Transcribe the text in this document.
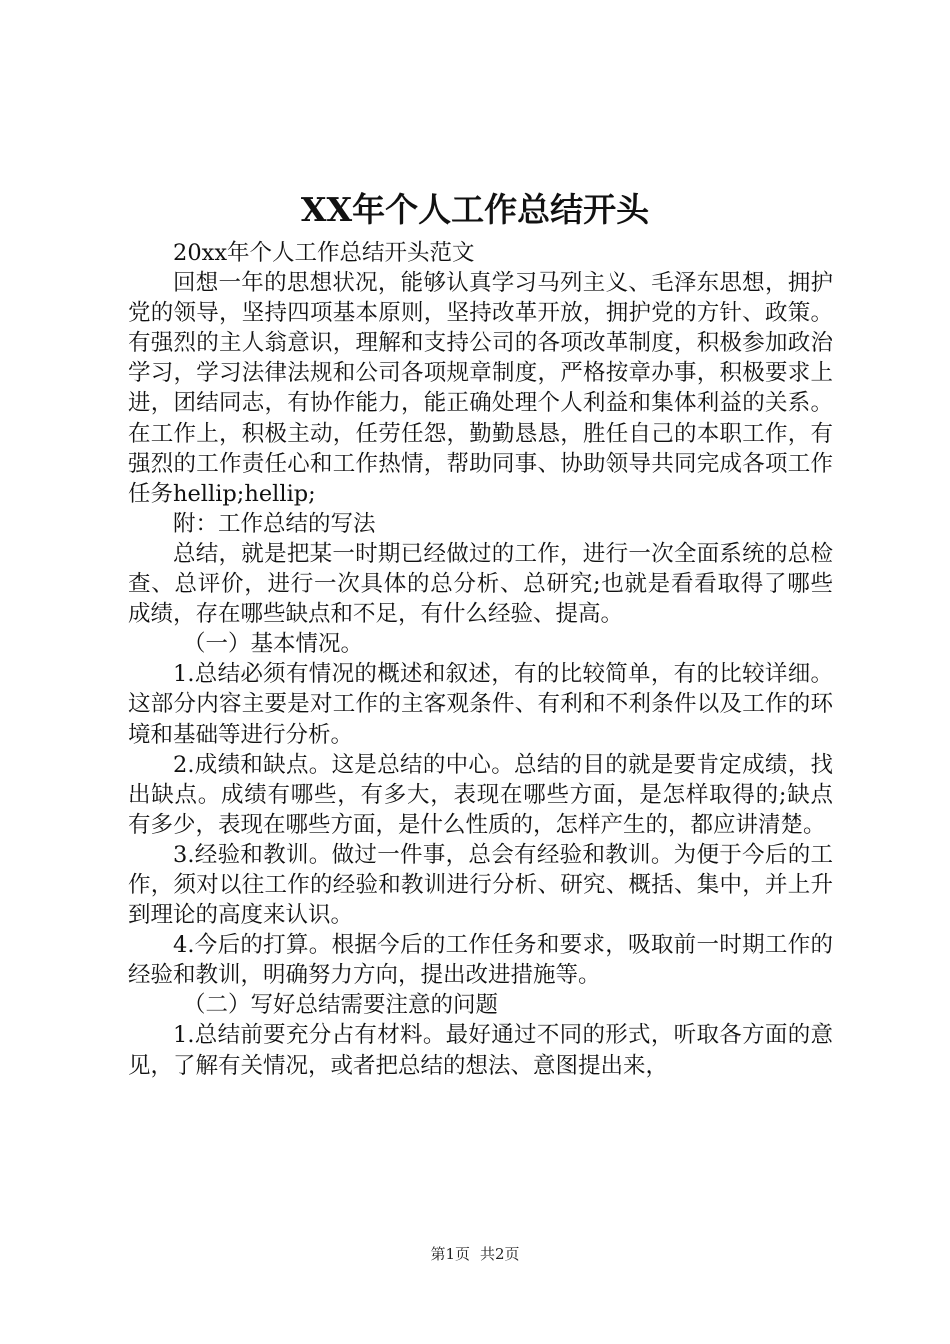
XX年个人工作总结开头

20xx年个人工作总结开头范文

回想一年的思想状况，能够认真学习马列主义、毛泽东思想，拥护党的领导，坚持四项基本原则，坚持改革开放，拥护党的方针、政策。有强烈的主人翁意识，理解和支持公司的各项改革制度，积极参加政治学习，学习法律法规和公司各项规章制度，严格按章办事，积极要求上进，团结同志，有协作能力，能正确处理个人利益和集体利益的关系。在工作上，积极主动，任劳任怨，勤勤恳恳，胜任自己的本职工作，有强烈的工作责任心和工作热情，帮助同事、协助领导共同完成各项工作任务hellip;hellip;

附：工作总结的写法

总结，就是把某一时期已经做过的工作，进行一次全面系统的总检查、总评价，进行一次具体的总分析、总研究;也就是看看取得了哪些成绩，存在哪些缺点和不足，有什么经验、提高。

（一）基本情况。

1.总结必须有情况的概述和叙述，有的比较简单，有的比较详细。这部分内容主要是对工作的主客观条件、有利和不利条件以及工作的环境和基础等进行分析。

2.成绩和缺点。这是总结的中心。总结的目的就是要肯定成绩，找出缺点。成绩有哪些，有多大，表现在哪些方面，是怎样取得的;缺点有多少，表现在哪些方面，是什么性质的，怎样产生的，都应讲清楚。

3.经验和教训。做过一件事，总会有经验和教训。为便于今后的工作，须对以往工作的经验和教训进行分析、研究、概括、集中，并上升到理论的高度来认识。

4.今后的打算。根据今后的工作任务和要求，吸取前一时期工作的经验和教训，明确努力方向，提出改进措施等。

（二）写好总结需要注意的问题

1.总结前要充分占有材料。最好通过不同的形式，听取各方面的意见，了解有关情况，或者把总结的想法、意图提出来，

第1页 共2页
